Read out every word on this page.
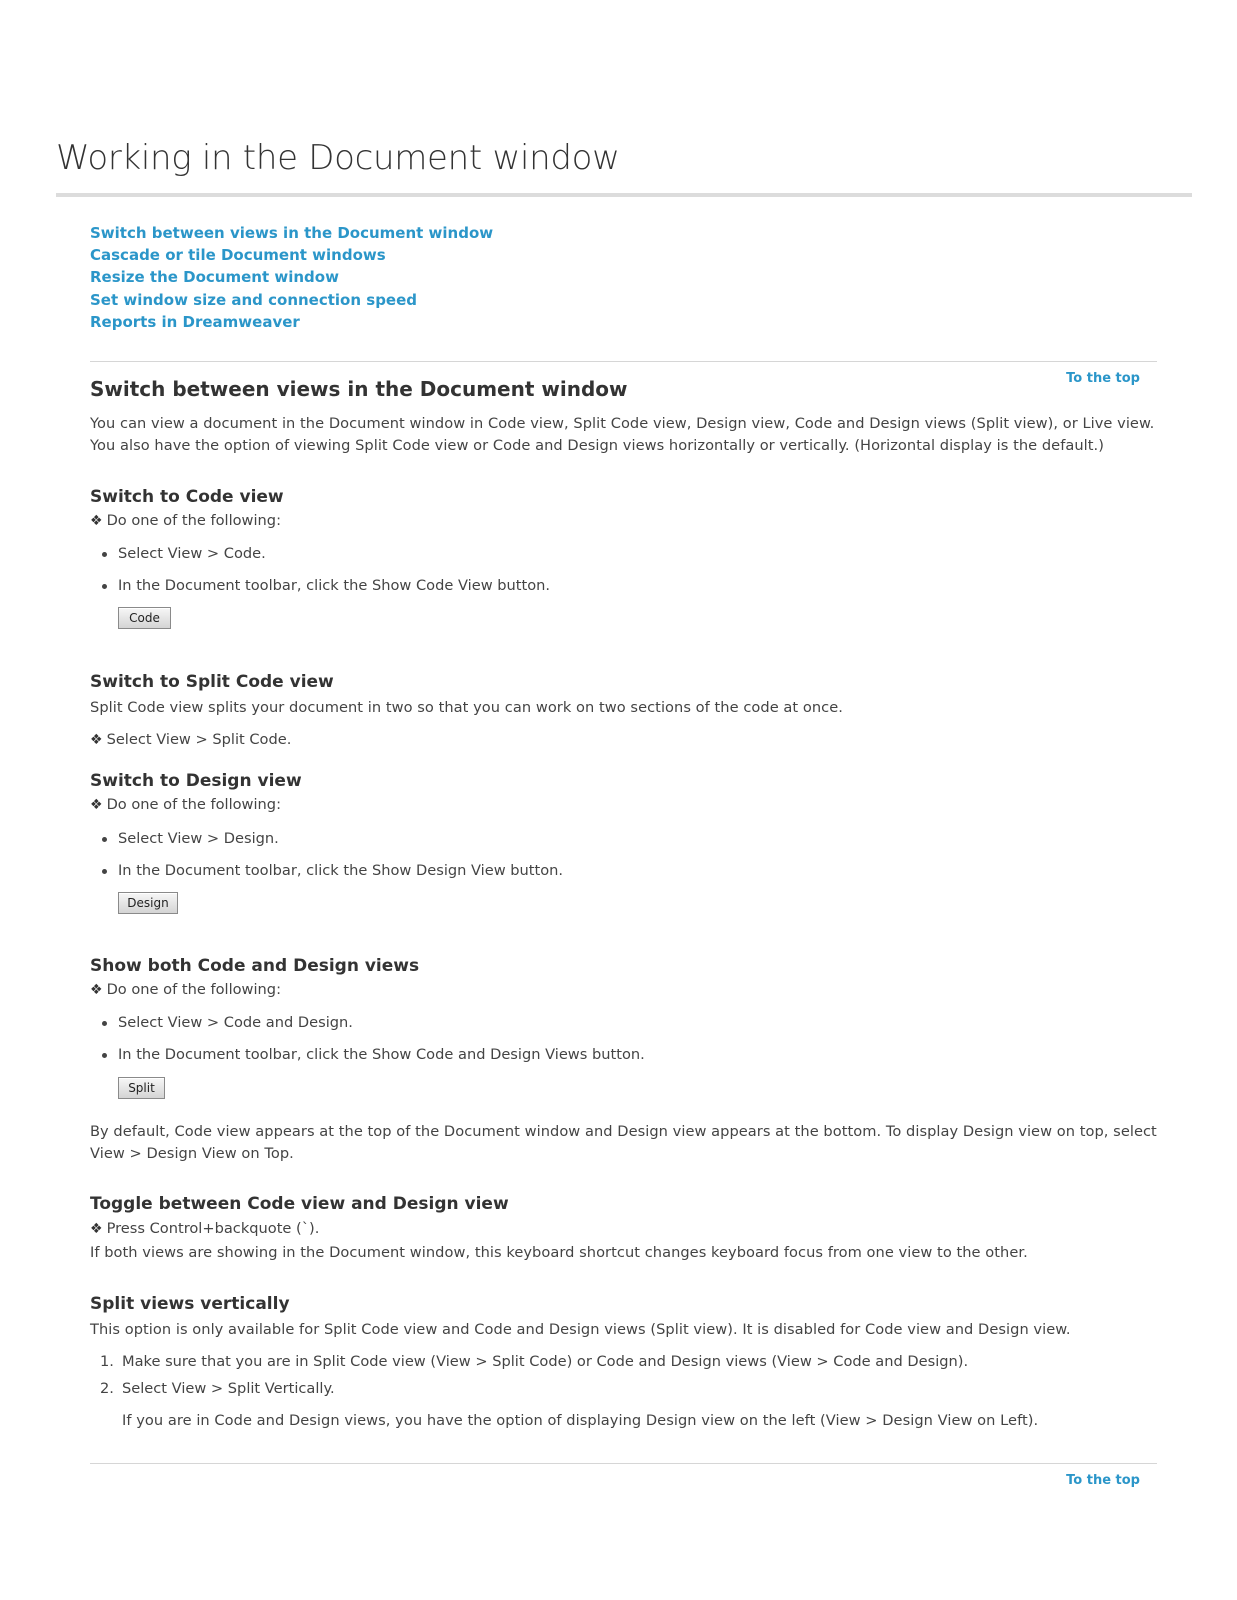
Working in the Document window
Switch between views in the Document window
Cascade or tile Document windows
Resize the Document window
Set window size and connection speed
Reports in Dreamweaver
To the top
Switch between views in the Document window
You can view a document in the Document window in Code view, Split Code view, Design view, Code and Design views (Split view), or Live view. You also have the option of viewing Split Code view or Code and Design views horizontally or vertically. (Horizontal display is the default.)
Switch to Code view
❖ Do one of the following:
Select View > Code.
In the Document toolbar, click the Show Code View button.
Code
Switch to Split Code view
Split Code view splits your document in two so that you can work on two sections of the code at once.
❖ Select View > Split Code.
Switch to Design view
❖ Do one of the following:
Select View > Design.
In the Document toolbar, click the Show Design View button.
Design
Show both Code and Design views
❖ Do one of the following:
Select View > Code and Design.
In the Document toolbar, click the Show Code and Design Views button.
Split
By default, Code view appears at the top of the Document window and Design view appears at the bottom. To display Design view on top, select View > Design View on Top.
Toggle between Code view and Design view
❖ Press Control+backquote (`).
If both views are showing in the Document window, this keyboard shortcut changes keyboard focus from one view to the other.
Split views vertically
This option is only available for Split Code view and Code and Design views (Split view). It is disabled for Code view and Design view.
1. Make sure that you are in Split Code view (View > Split Code) or Code and Design views (View > Code and Design).
2. Select View > Split Vertically.
If you are in Code and Design views, you have the option of displaying Design view on the left (View > Design View on Left).
To the top
